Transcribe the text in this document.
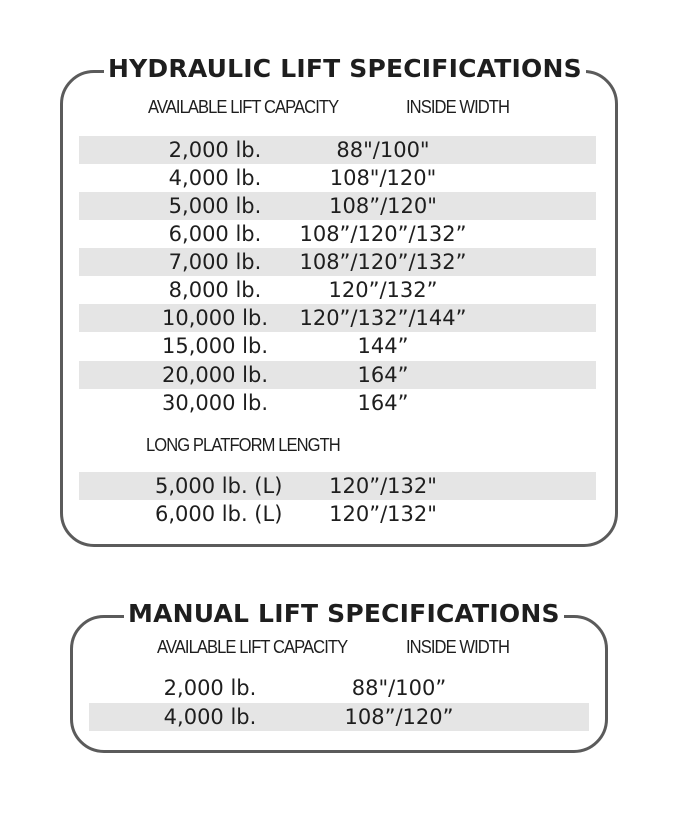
HYDRAULIC LIFT SPECIFICATIONS
AVAILABLE LIFT CAPACITY	INSIDE WIDTH
2,000 lb.	88"/100"
4,000 lb.	108"/120"
5,000 lb.	108”/120"
6,000 lb.	108”/120”/132”
7,000 lb.	108”/120”/132”
8,000 lb.	120”/132”
10,000 lb.	120”/132”/144”
15,000 lb.	144”
20,000 lb.	164”
30,000 lb.	164”
LONG PLATFORM LENGTH
5,000 lb. (L)	120”/132"
6,000 lb. (L)	120”/132"
MANUAL LIFT SPECIFICATIONS
AVAILABLE LIFT CAPACITY	INSIDE WIDTH
2,000 lb.	88"/100”
4,000 lb.	108”/120”
